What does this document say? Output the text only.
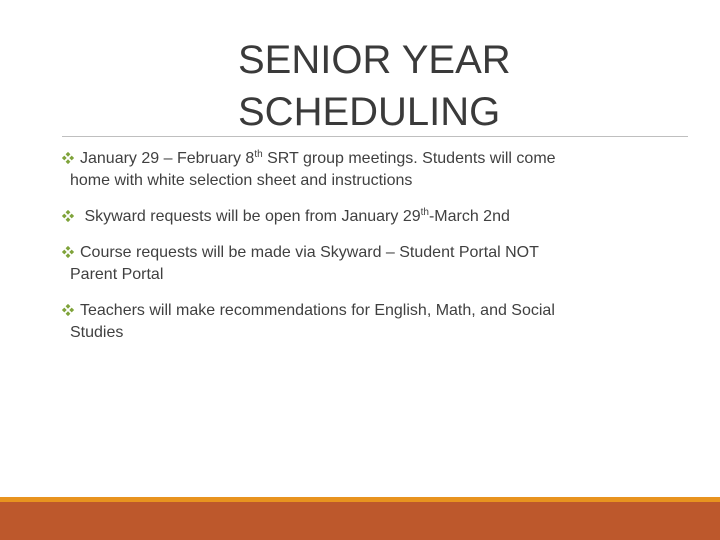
SENIOR YEAR
SCHEDULING
January 29 – February 8th SRT group meetings. Students will come
home with white selection sheet and instructions
Skyward requests will be open from January 29th-March 2nd
Course requests will be made via Skyward – Student Portal NOT
Parent Portal
Teachers will make recommendations for English, Math, and Social
Studies
